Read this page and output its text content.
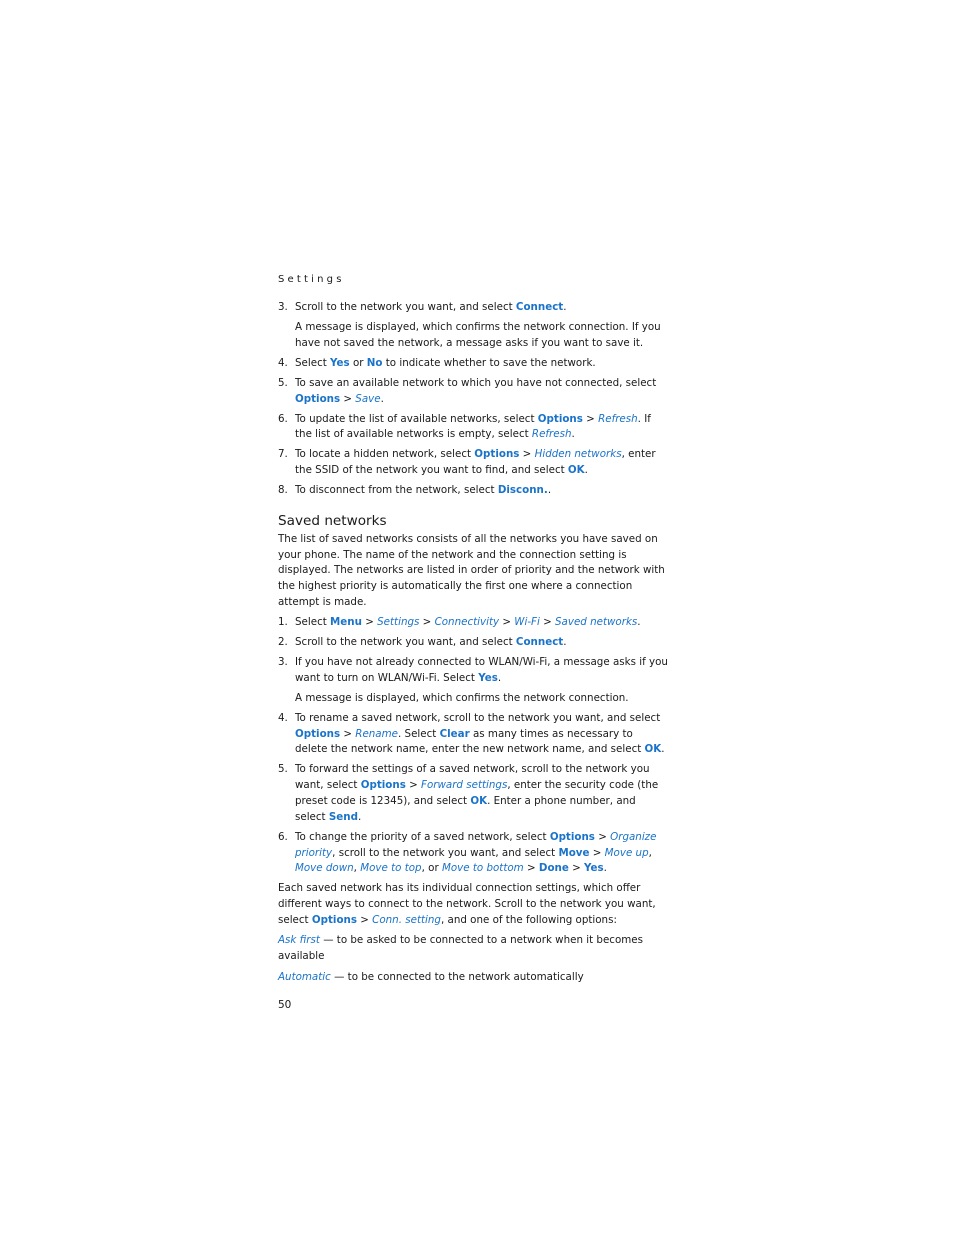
Settings
3. Scroll to the network you want, and select Connect.
A message is displayed, which confirms the network connection. If you have not saved the network, a message asks if you want to save it.
4. Select Yes or No to indicate whether to save the network.
5. To save an available network to which you have not connected, select Options > Save.
6. To update the list of available networks, select Options > Refresh. If the list of available networks is empty, select Refresh.
7. To locate a hidden network, select Options > Hidden networks, enter the SSID of the network you want to find, and select OK.
8. To disconnect from the network, select Disconn..
Saved networks
The list of saved networks consists of all the networks you have saved on your phone. The name of the network and the connection setting is displayed. The networks are listed in order of priority and the network with the highest priority is automatically the first one where a connection attempt is made.
1. Select Menu > Settings > Connectivity > Wi-Fi > Saved networks.
2. Scroll to the network you want, and select Connect.
3. If you have not already connected to WLAN/Wi-Fi, a message asks if you want to turn on WLAN/Wi-Fi. Select Yes.
A message is displayed, which confirms the network connection.
4. To rename a saved network, scroll to the network you want, and select Options > Rename. Select Clear as many times as necessary to delete the network name, enter the new network name, and select OK.
5. To forward the settings of a saved network, scroll to the network you want, select Options > Forward settings, enter the security code (the preset code is 12345), and select OK. Enter a phone number, and select Send.
6. To change the priority of a saved network, select Options > Organize priority, scroll to the network you want, and select Move > Move up, Move down, Move to top, or Move to bottom > Done > Yes.
Each saved network has its individual connection settings, which offer different ways to connect to the network. Scroll to the network you want, select Options > Conn. setting, and one of the following options:
Ask first — to be asked to be connected to a network when it becomes available
Automatic — to be connected to the network automatically
50
